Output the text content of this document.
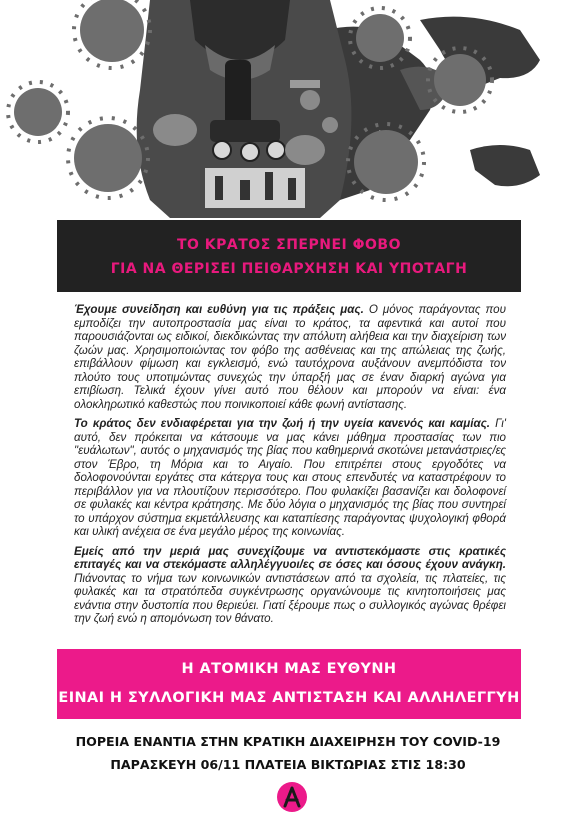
ΤΟ ΚΡΑΤΟΣ ΣΠΕΡΝΕΙ ΦΟΒΟ
ΓΙΑ ΝΑ ΘΕΡΙΣΕΙ ΠΕΙΘΑΡΧΗΣΗ ΚΑΙ ΥΠΟΤΑΓΗ

Έχουμε συνείδηση και ευθύνη για τις πράξεις μας. Ο μόνος παράγοντας που εμποδίζει την αυτοπροστασία μας είναι το κράτος, τα αφεντικά και αυτοί που παρουσιάζονται ως ειδικοί, διεκδικώντας την απόλυτη αλήθεια και την διαχείριση των ζωών μας. Χρησιμοποιώντας τον φόβο της ασθένειας και της απώλειας της ζωής, επιβάλλουν φίμωση και εγκλεισμό, ενώ ταυτόχρονα αυξάνουν ανεμπόδιστα τον πλούτο τους υποτιμώντας συνεχώς την ύπαρξή μας σε έναν διαρκή αγώνα για επιβίωση. Τελικά έχουν γίνει αυτό που θέλουν και μπορούν να είναι: ένα ολοκληρωτικό καθεστώς που ποινικοποιεί κάθε φωνή αντίστασης.

Το κράτος δεν ενδιαφέρεται για την ζωή ή την υγεία κανενός και καμίας. Γι' αυτό, δεν πρόκειται να κάτσουμε να μας κάνει μάθημα προστασίας των πιο "ευάλωτων", αυτός ο μηχανισμός της βίας που καθημερινά σκοτώνει μετανάστριες/ες στον Έβρο, τη Μόρια και το Αιγαίο. Που επιτρέπει στους εργοδότες να δολοφονούνται εργάτες στα κάτεργα τους και στους επενδυτές να καταστρέφουν το περιβάλλον για να πλουτίζουν περισσότερο. Που φυλακίζει βασανίζει και δολοφονεί σε φυλακές και κέντρα κράτησης. Με δύο λόγια ο μηχανισμός της βίας που συντηρεί το υπάρχον σύστημα εκμετάλλευσης και καταπίεσης παράγοντας ψυχολογική φθορά και υλική ανέχεια σε ένα μεγάλο μέρος της κοινωνίας.

Εμείς από την μεριά μας συνεχίζουμε να αντιστεκόμαστε στις κρατικές επιταγές και να στεκόμαστε αλληλέγγυοι/ες σε όσες και όσους έχουν ανάγκη. Πιάνοντας το νήμα των κοινωνικών αντιστάσεων από τα σχολεία, τις πλατείες, τις φυλακές και τα στρατόπεδα συγκέντρωσης οργανώνουμε τις κινητοποιήσεις μας ενάντια στην δυστοπία που θεριεύει. Γιατί ξέρουμε πως ο συλλογικός αγώνας θρέφει την ζωή ενώ η απομόνωση τον θάνατο.

Η ΑΤΟΜΙΚΗ ΜΑΣ ΕΥΘΥΝΗ
ΕΙΝΑΙ Η ΣΥΛΛΟΓΙΚΗ ΜΑΣ ΑΝΤΙΣΤΑΣΗ ΚΑΙ ΑΛΛΗΛΕΓΓΥΗ
ΠΟΡΕΙΑ ΕΝΑΝΤΙΑ ΣΤΗΝ ΚΡΑΤΙΚΗ ΔΙΑΧΕΙΡΗΣΗ ΤΟΥ COVID-19
ΠΑΡΑΣΚΕΥΗ 06/11 ΠΛΑΤΕΙΑ ΒΙΚΤΩΡΙΑΣ ΣΤΙΣ 18:30
